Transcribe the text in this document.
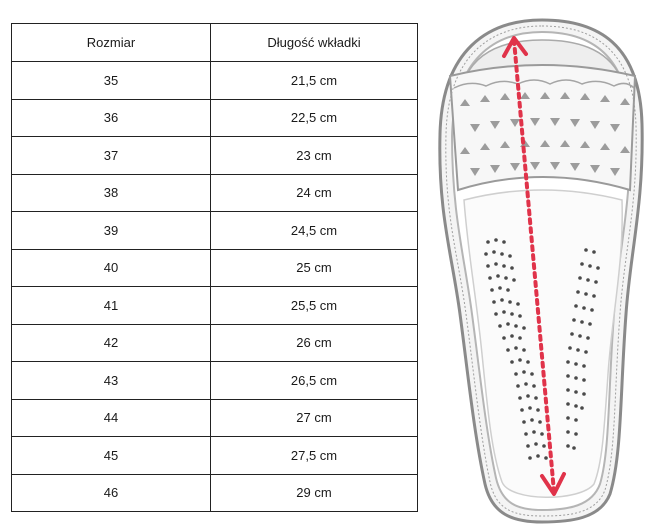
Rozmiar	Długość wkładki
35	21,5 cm
36	22,5 cm
37	23 cm
38	24 cm
39	24,5 cm
40	25 cm
41	25,5 cm
42	26 cm
43	26,5 cm
44	27 cm
45	27,5 cm
46	29 cm
